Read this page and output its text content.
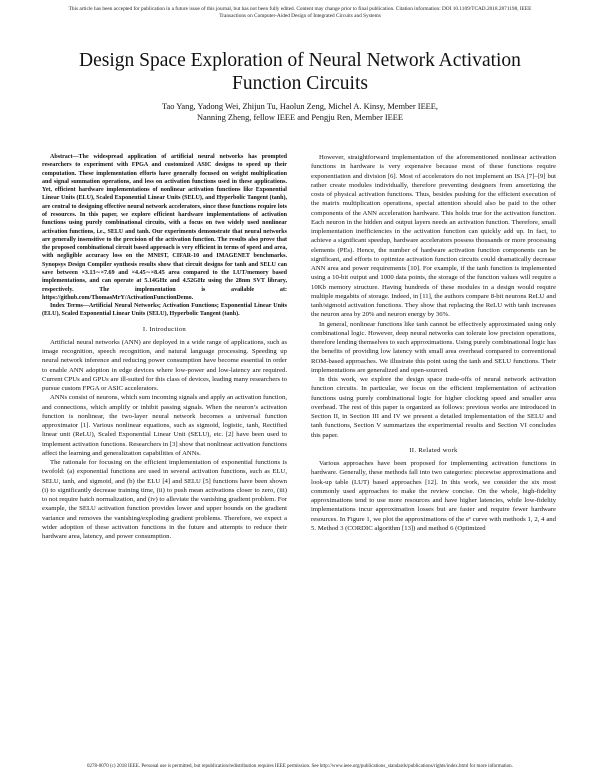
This article has been accepted for publication in a future issue of this journal, but has not been fully edited. Content may change prior to final publication. Citation information: DOI 10.1109/TCAD.2018.2871198, IEEE
Transactions on Computer-Aided Design of Integrated Circuits and Systems
Design Space Exploration of Neural Network Activation
Function Circuits
Tao Yang, Yadong Wei, Zhijun Tu, Haolun Zeng, Michel A. Kinsy, Member IEEE,
Nanning Zheng, fellow IEEE and Pengju Ren, Member IEEE

Abstract—The widespread application of artificial neural networks has prompted researchers to experiment with FPGA and customized ASIC designs to speed up their computation. These implementation efforts have generally focused on weight multiplication and signal summation operations, and less on activation functions used in these applications. Yet, efficient hardware implementations of nonlinear activation functions like Exponential Linear Units (ELU), Scaled Exponential Linear Units (SELU), and Hyperbolic Tangent (tanh), are central to designing effective neural network accelerators, since these functions require lots of resources. In this paper, we explore efficient hardware implementations of activation functions using purely combinational circuits, with a focus on two widely used nonlinear activation functions, i.e., SELU and tanh. Our experiments demonstrate that neural networks are generally insensitive to the precision of the activation function. The results also prove that the proposed combinational circuit based approach is very efficient in terms of speed and area, with negligible accuracy loss on the MNIST, CIFAR-10 and IMAGENET benchmarks. Synopsys Design Compiler synthesis results show that circuit designs for tanh and SELU can save between ×3.13∼×7.69 and ×4.45∼×8.45 area compared to the LUT/memory based implementations, and can operate at 5.14GHz and 4.52GHz using the 28nm SVT library, respectively. The implementation is available at: https://github.com/ThomasMrY/ActivationFunctionDemo.

Index Terms—Artificial Neural Networks; Activation Functions; Exponential Linear Units (ELU), Scaled Exponential Linear Units (SELU), Hyperbolic Tangent (tanh).

I. Introduction

Artificial neural networks (ANN) are deployed in a wide range of applications, such as image recognition, speech recognition, and natural language processing. Speeding up neural network inference and reducing power consumption have become essential in order to enable ANN adoption in edge devices where low-power and low-latency are required. Current CPUs and GPUs are ill-suited for this class of devices, leading many researchers to pursue custom FPGA or ASIC accelerators.

ANNs consist of neurons, which sum incoming signals and apply an activation function, and connections, which amplify or inhibit passing signals. When the neuron’s activation function is nonlinear, the two-layer neural network becomes a universal function approximator [1]. Various nonlinear equations, such as sigmoid, logistic, tanh, Rectified linear unit (ReLU), Scaled Exponential Linear Unit (SELU), etc. [2] have been used to implement activation functions. Researchers in [3] show that nonlinear activation functions affect the learning and generalization capabilities of ANNs.

The rationale for focusing on the efficient implementation of exponential functions is twofold: (a) exponential functions are used in several activation functions, such as ELU, SELU, tanh, and sigmoid, and (b) the ELU [4] and SELU [5] functions have been shown (i) to significantly decrease training time, (ii) to push mean activations closer to zero, (iii) to not require batch normalization, and (iv) to alleviate the vanishing gradient problem. For example, the SELU activation function provides lower and upper bounds on the gradient variance and removes the vanishing/exploding gradient problems. Therefore, we expect a wider adoption of these activation functions in the future and attempts to reduce their hardware area, latency, and power consumption.

However, straightforward implementation of the aforementioned nonlinear activation functions in hardware is very expensive because most of these functions require exponentiation and division [6]. Most of accelerators do not implement an ISA [7]–[9] but rather create modules individually, therefore preventing designers from amortizing the costs of physical activation functions. Thus, besides pushing for the efficient execution of the matrix multiplication operations, special attention should also be paid to the other components of the ANN acceleration hardware. This holds true for the activation function. Each neuron in the hidden and output layers needs an activation function. Therefore, small implementation inefficiencies in the activation function can quickly add up. In fact, to achieve a significant speedup, hardware accelerators possess thousands or more processing elements (PEs). Hence, the number of hardware activation function components can be significant, and efforts to optimize activation function circuits could dramatically decrease ANN area and power requirements [10]. For example, if the tanh function is implemented using a 10-bit output and 1000 data points, the storage of the function values will require a 10Kb memory structure. Having hundreds of these modules in a design would require multiple megabits of storage. Indeed, in [11], the authors compare 8-bit neurons ReLU and tanh/sigmoid activation functions. They show that replacing the ReLU with tanh increases the neuron area by 20% and neuron energy by 36%.

In general, nonlinear functions like tanh cannot be effectively approximated using only combinational logic. However, deep neural networks can tolerate low precision operations, therefore lending themselves to such approximations. Using purely combinational logic has the benefits of providing low latency with small area overhead compared to conventional ROM-based approaches. We illustrate this point using the tanh and SELU functions. Their implementations are generalized and open-sourced.

In this work, we explore the design space trade-offs of neural network activation function circuits. In particular, we focus on the efficient implementation of activation functions using purely combinational logic for higher clocking speed and smaller area overhead. The rest of this paper is organized as follows: previous works are introduced in Section II, in Section III and IV we present a detailed implementation of the SELU and tanh functions, Section V summarizes the experimental results and Section VI concludes this paper.

II. Related work

Various approaches have been proposed for implementing activation functions in hardware. Generally, these methods fall into two categories: piecewise approximations and look-up table (LUT) based approaches [12]. In this work, we consider the six most commonly used approaches to make the review concise. On the whole, high-fidelity approximations tend to use more resources and have higher latencies, while low-fidelity implementations incur approximation losses but are faster and require fewer hardware resources. In Figure 1, we plot the approximations of the eˣ curve with methods 1, 2, 4 and 5. Method 3 (CORDIC algorithm [13]) and method 6 (Optimized

0278-0070 (c) 2018 IEEE. Personal use is permitted, but republication/redistribution requires IEEE permission. See http://www.ieee.org/publications_standards/publications/rights/index.html for more information.
